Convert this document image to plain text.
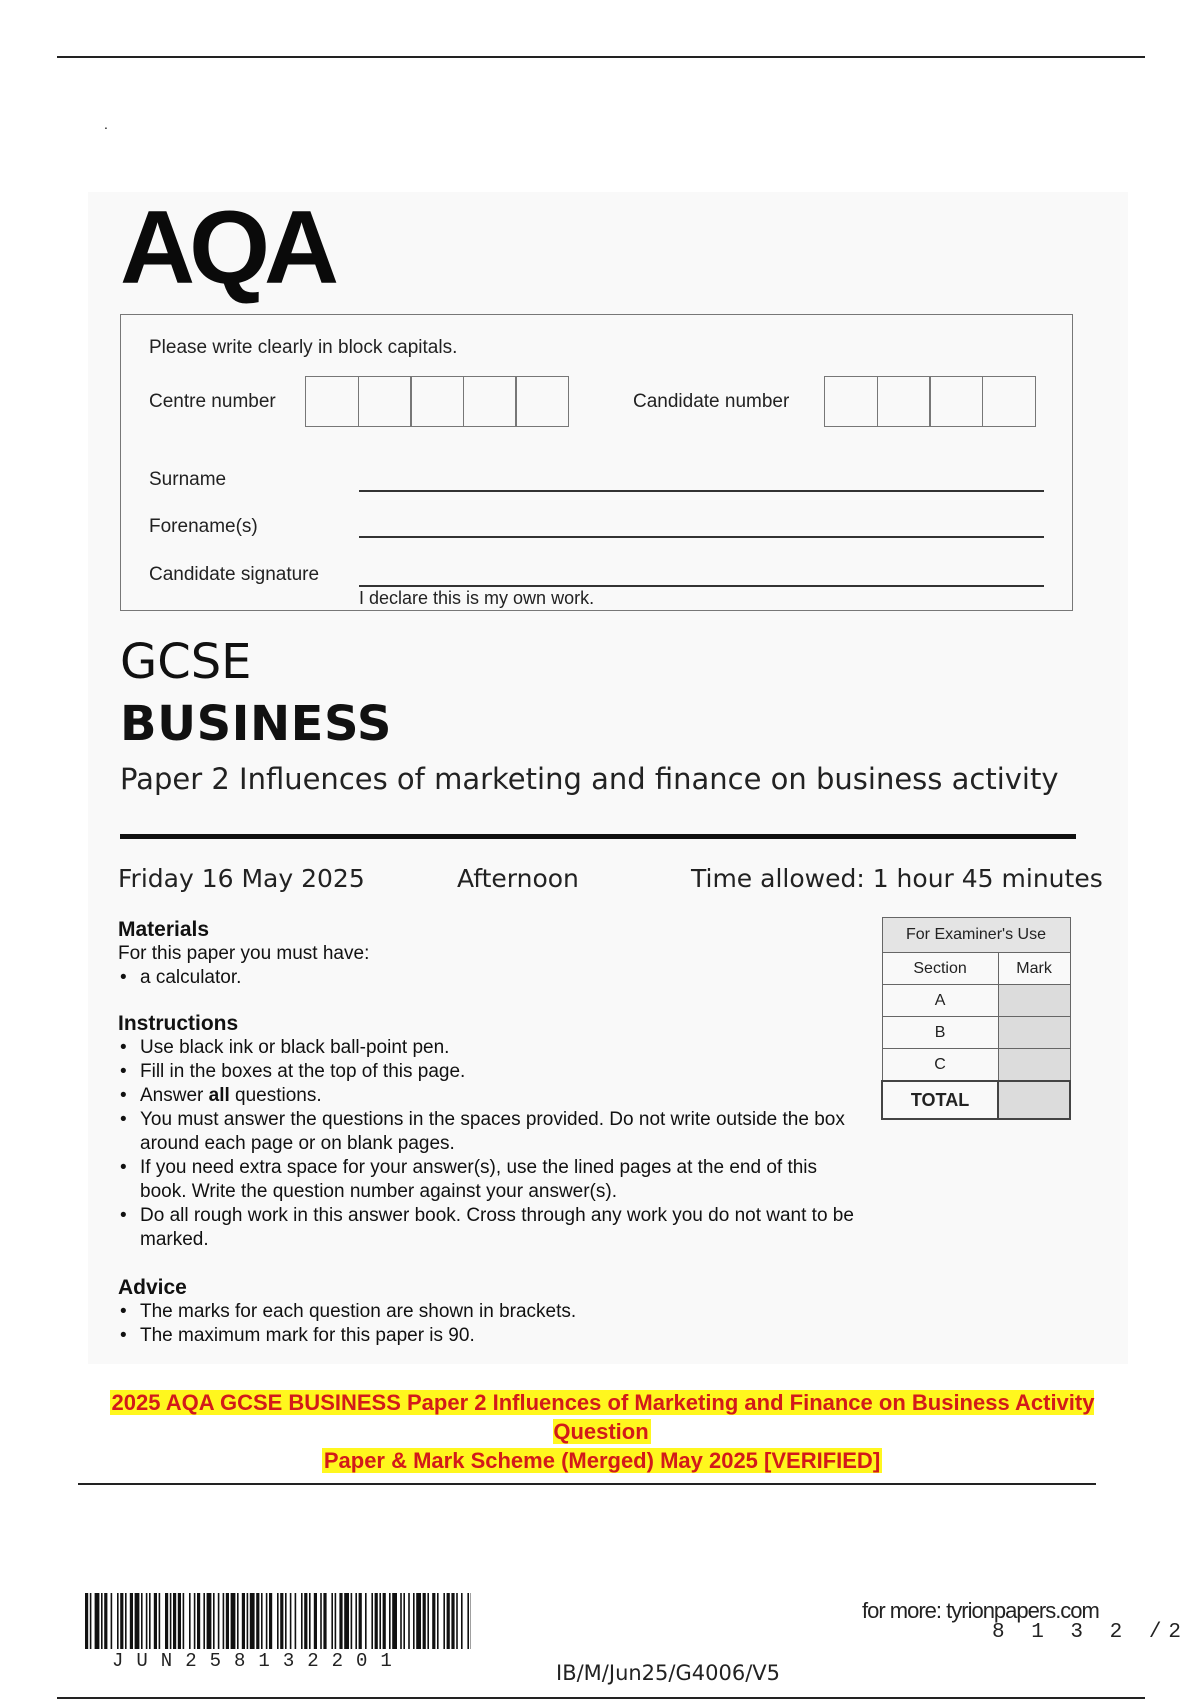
.
AQA
Please write clearly in block capitals.
Centre number	Candidate number
Surname
Forename(s)
Candidate signature
I declare this is my own work.
GCSE
BUSINESS
Paper 2 Influences of marketing and finance on business activity
Friday 16 May 2025	Afternoon	Time allowed: 1 hour 45 minutes
Materials

For this paper you must have:

• a calculator.
Instructions
• Use black ink or black ball-point pen.
• Fill in the boxes at the top of this page.
• Answer all questions.
• You must answer the questions in the spaces provided. Do not write outside the box around each page or on blank pages.
• If you need extra space for your answer(s), use the lined pages at the end of this book. Write the question number against your answer(s).
• Do all rough work in this answer book. Cross through any work you do not want to be marked.
Advice
• The marks for each question are shown in brackets.
• The maximum mark for this paper is 90.
For Examiner's Use	
Section	Mark
A	
B	
C	
TOTAL	
2025 AQA GCSE BUSINESS Paper 2 Influences of Marketing and Finance on Business Activity Question
Paper & Mark Scheme (Merged) May 2025 [VERIFIED]
JUN258132201
for more: tyrionpapers.com
8 1 3 2 /2
IB/M/Jun25/G4006/V5
